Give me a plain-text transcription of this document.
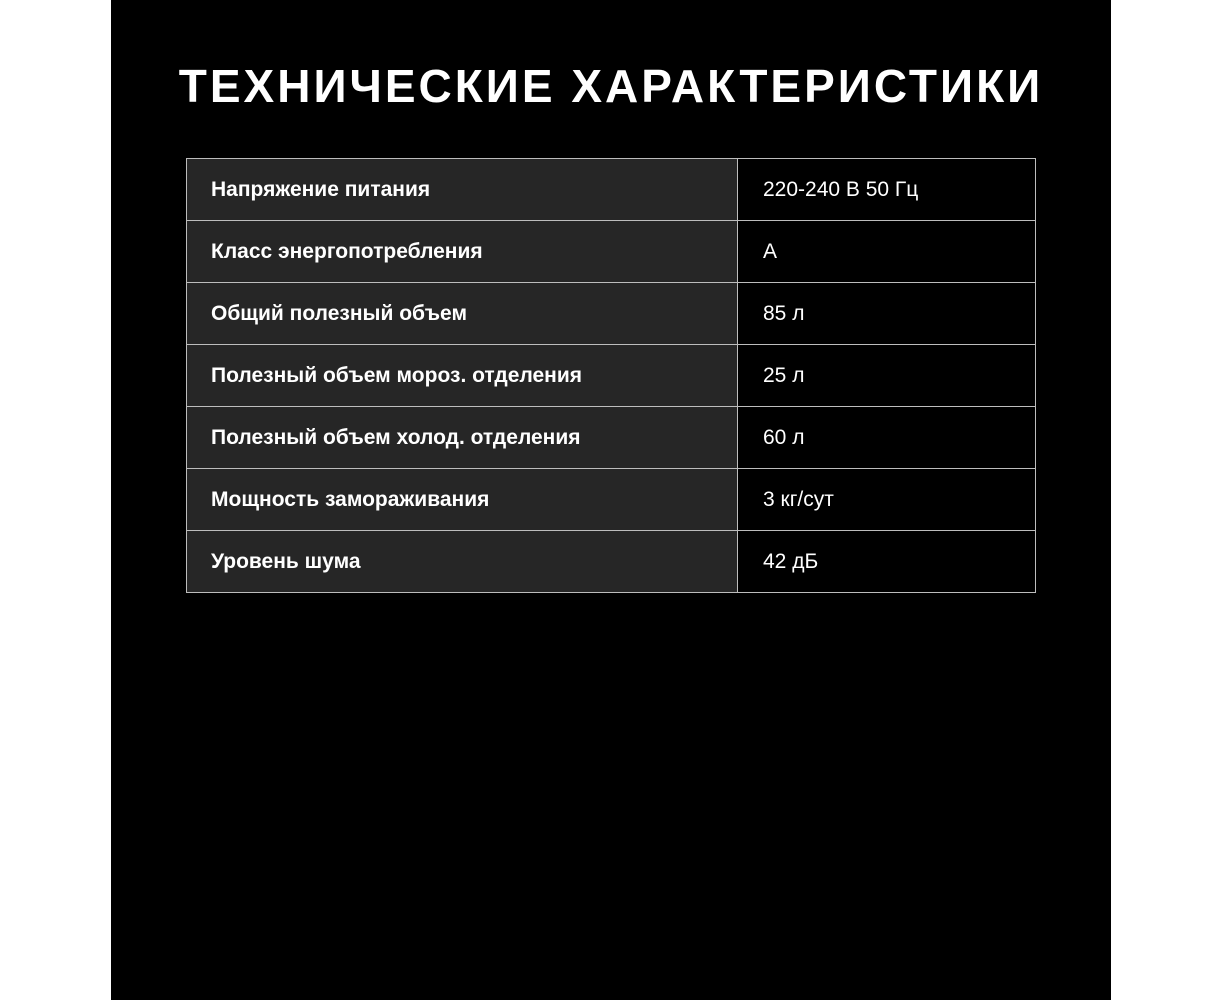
ТЕХНИЧЕСКИЕ ХАРАКТЕРИСТИКИ
Напряжение питания	220-240 В 50 Гц
Класс энергопотребления	A
Общий полезный объем	85 л
Полезный объем мороз. отделения	25 л
Полезный объем холод. отделения	60 л
Мощность замораживания	3 кг/сут
Уровень шума	42 дБ
